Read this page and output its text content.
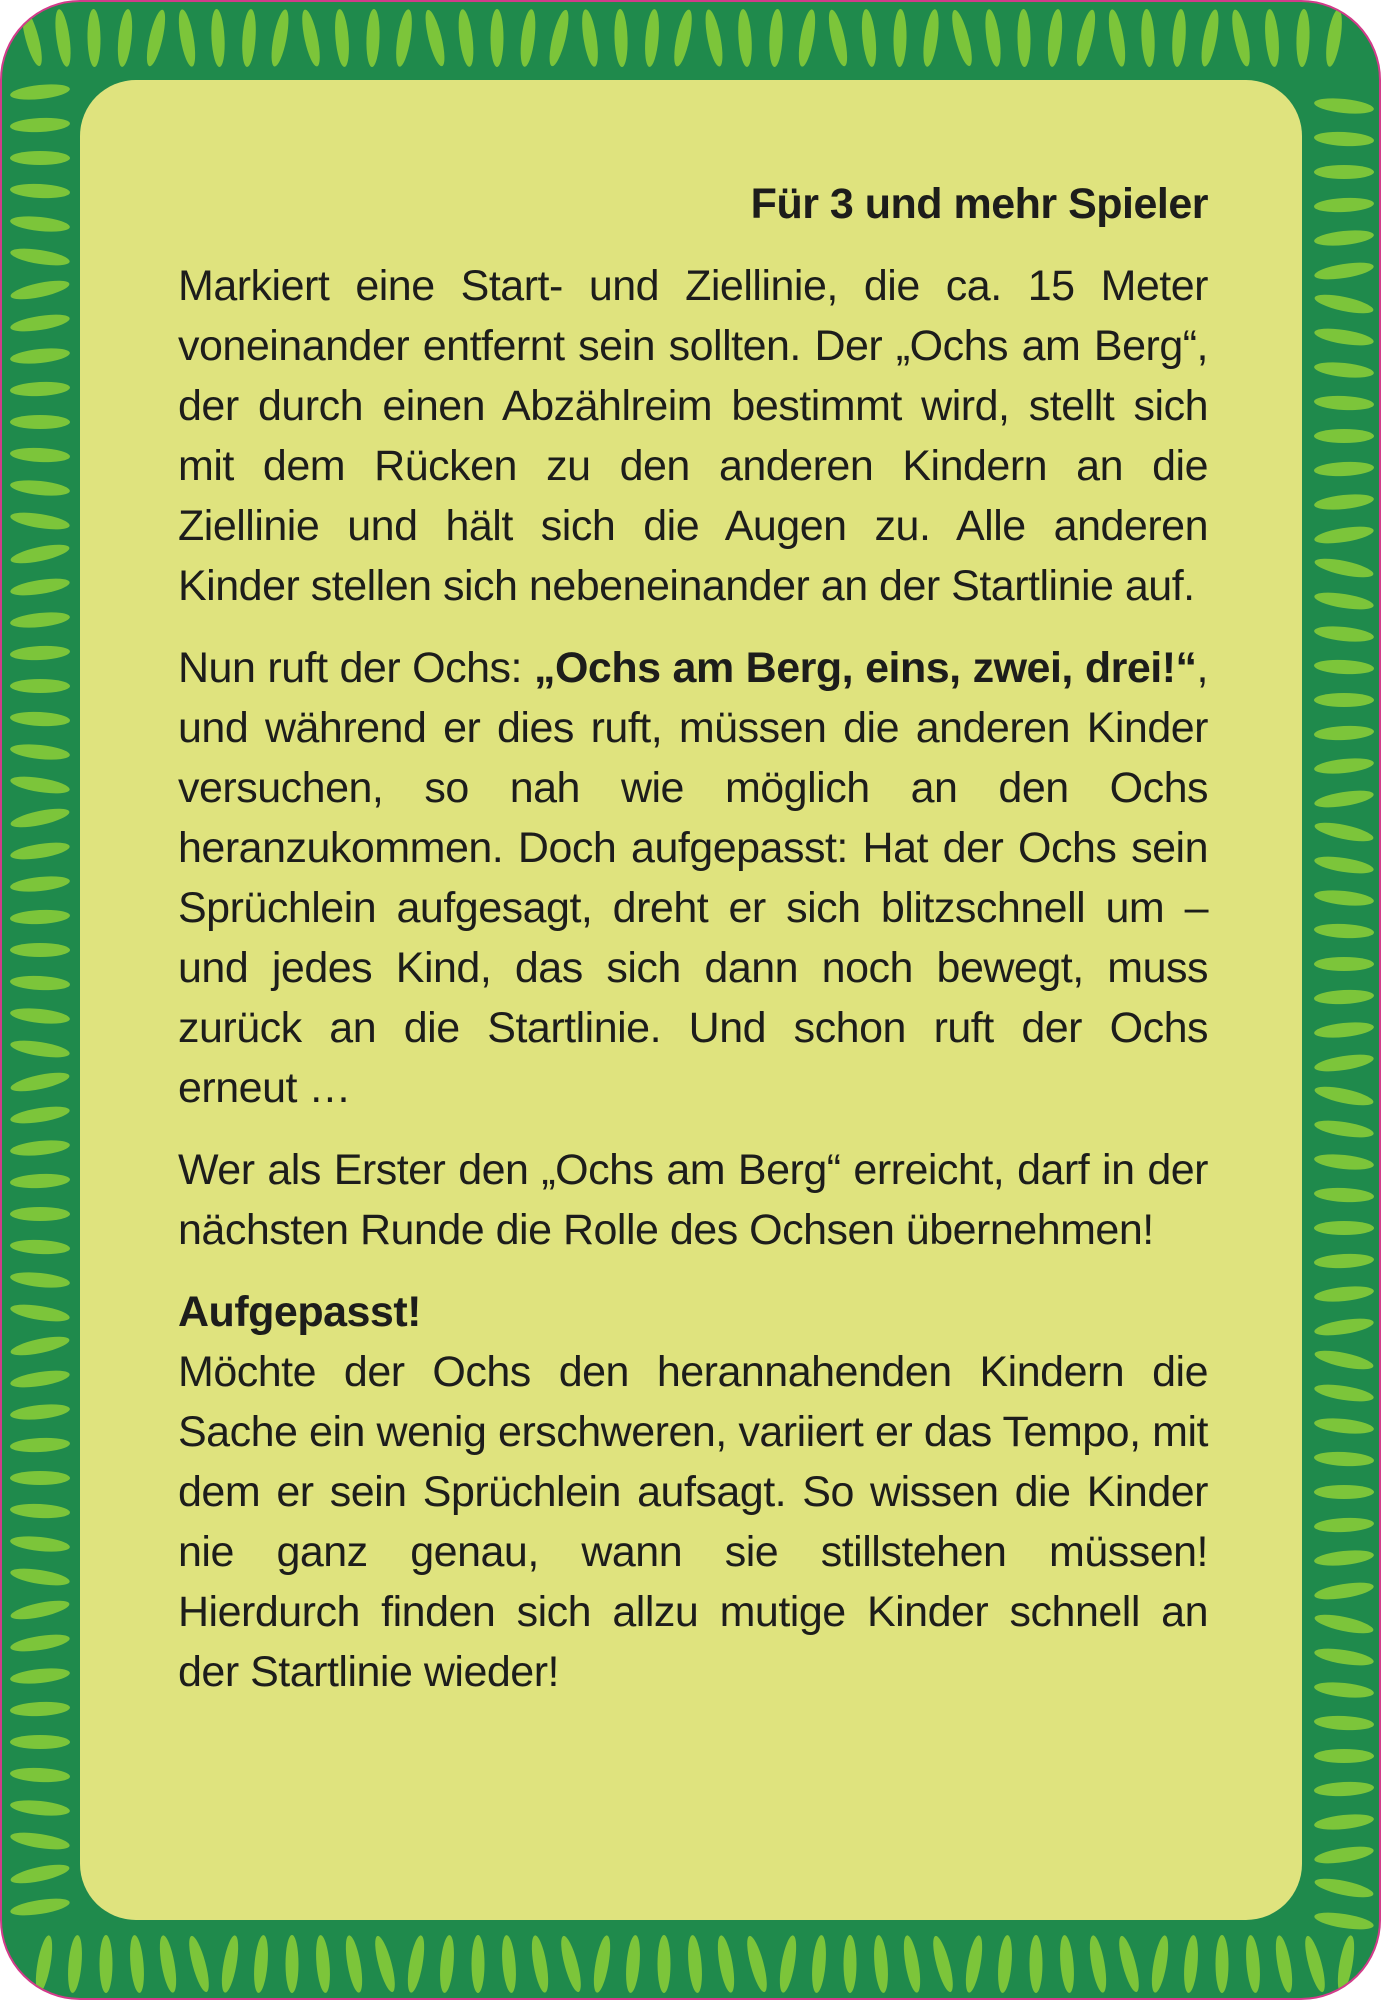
Für 3 und mehr Spieler

Markiert eine Start- und Ziellinie, die ca. 15 Meter voneinander entfernt sein sollten. Der „Ochs am Berg“, der durch einen Abzählreim bestimmt wird, stellt sich mit dem Rücken zu den anderen Kindern an die Ziellinie und hält sich die Augen zu. Alle anderen Kinder stellen sich nebeneinander an der Startlinie auf.

Nun ruft der Ochs: „Ochs am Berg, eins, zwei, drei!“, und während er dies ruft, müssen die anderen Kinder versuchen, so nah wie möglich an den Ochs heranzukommen. Doch aufgepasst: Hat der Ochs sein Sprüchlein aufgesagt, dreht er sich blitzschnell um – und jedes Kind, das sich dann noch bewegt, muss zurück an die Startlinie. Und schon ruft der Ochs erneut …

Wer als Erster den „Ochs am Berg“ erreicht, darf in der nächsten Runde die Rolle des Ochsen übernehmen!

Aufgepasst!

Möchte der Ochs den herannahenden Kindern die Sache ein wenig erschweren, variiert er das Tempo, mit dem er sein Sprüchlein aufsagt. So wissen die Kinder nie ganz genau, wann sie stillstehen müssen! Hierdurch finden sich allzu mutige Kinder schnell an der Startlinie wieder!
